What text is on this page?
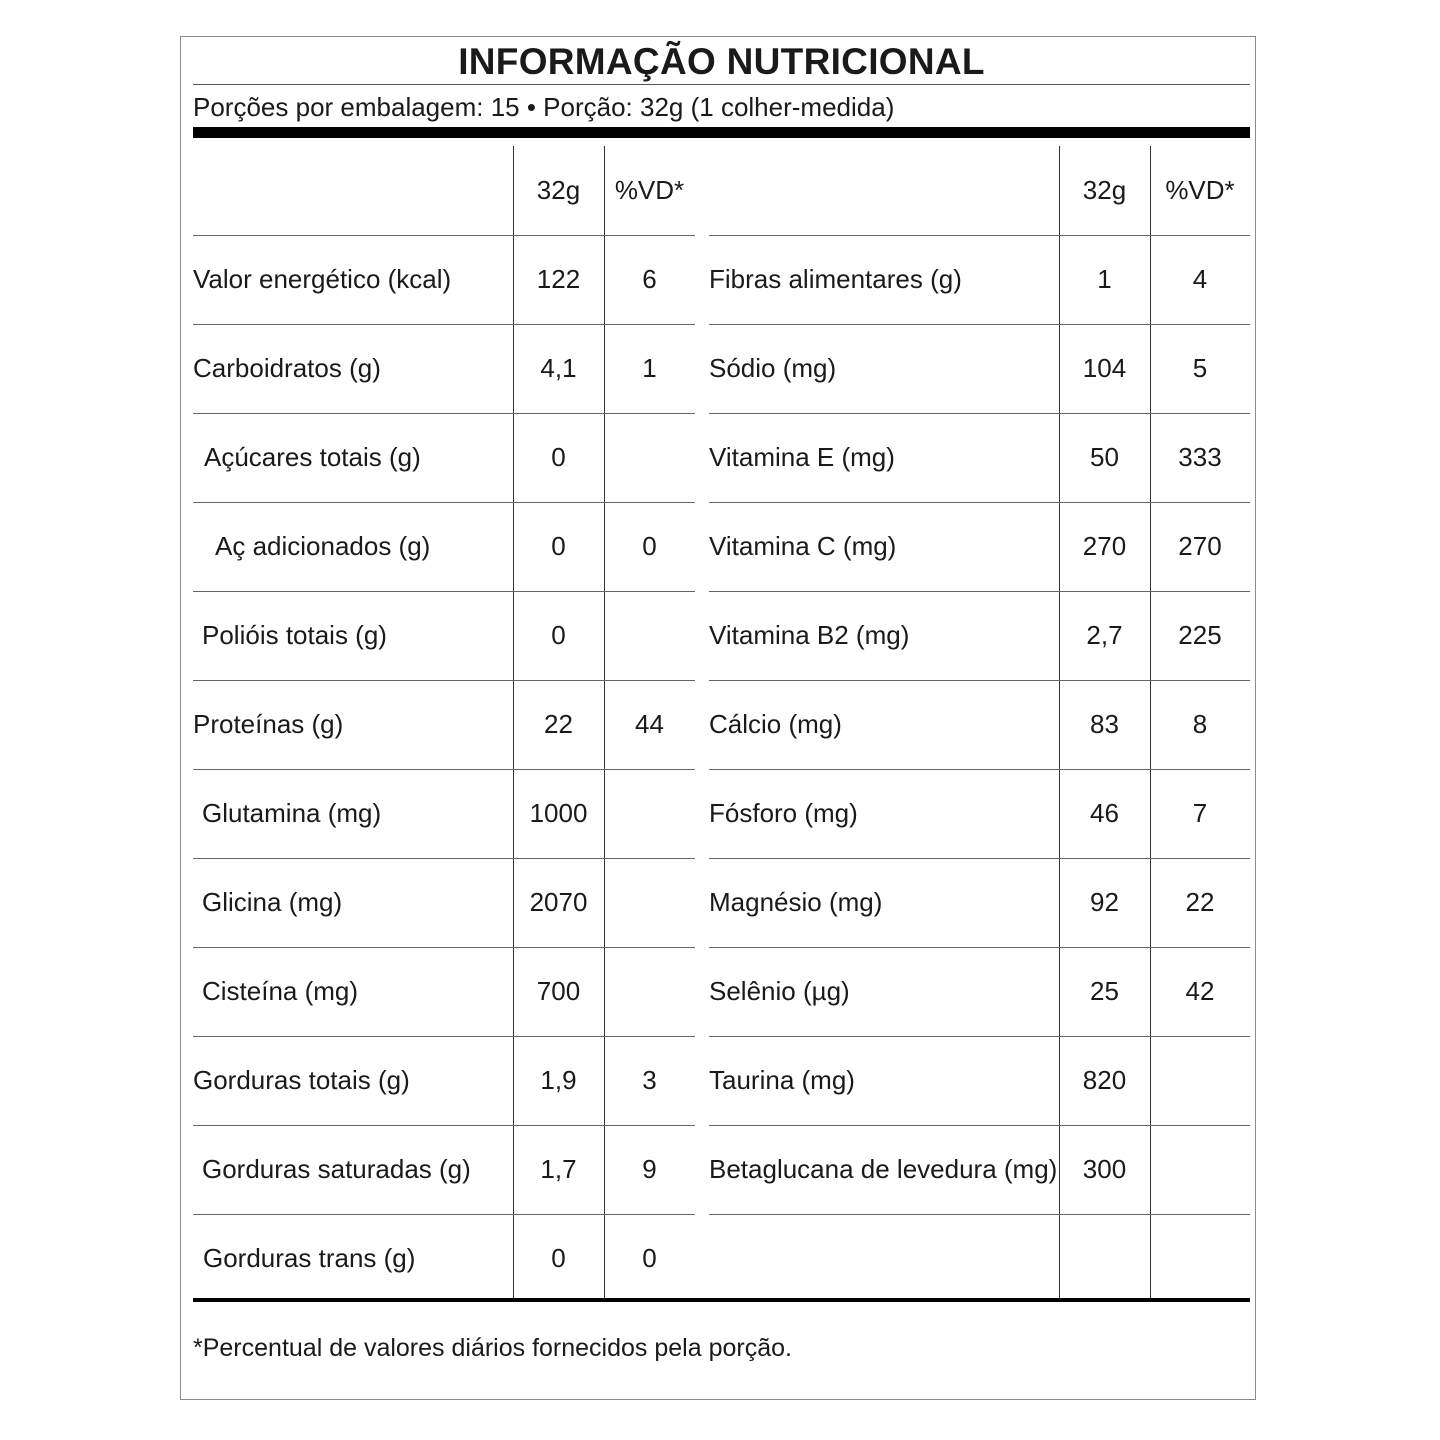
INFORMAÇÃO NUTRICIONAL
Porções por embalagem: 15 • Porção: 32g (1 colher-medida)
32g	%VD*	32g	%VD*
Valor energético (kcal)	122	6
Carboidratos (g)	4,1	1
Açúcares totais (g)	0
Aç adicionados (g)	0	0
Polióis totais (g)	0
Proteínas (g)	22	44
Glutamina (mg)	1000
Glicina (mg)	2070
Cisteína (mg)	700
Gorduras totais (g)	1,9	3
Gorduras saturadas (g)	1,7	9
Gorduras trans (g)	0	0
Fibras alimentares (g)	1	4
Sódio (mg)	104	5
Vitamina E (mg)	50	333
Vitamina C (mg)	270	270
Vitamina B2 (mg)	2,7	225
Cálcio (mg)	83	8
Fósforo (mg)	46	7
Magnésio (mg)	92	22
Selênio (µg)	25	42
Taurina (mg)	820
Betaglucana de levedura (mg) 300
*Percentual de valores diários fornecidos pela porção.
